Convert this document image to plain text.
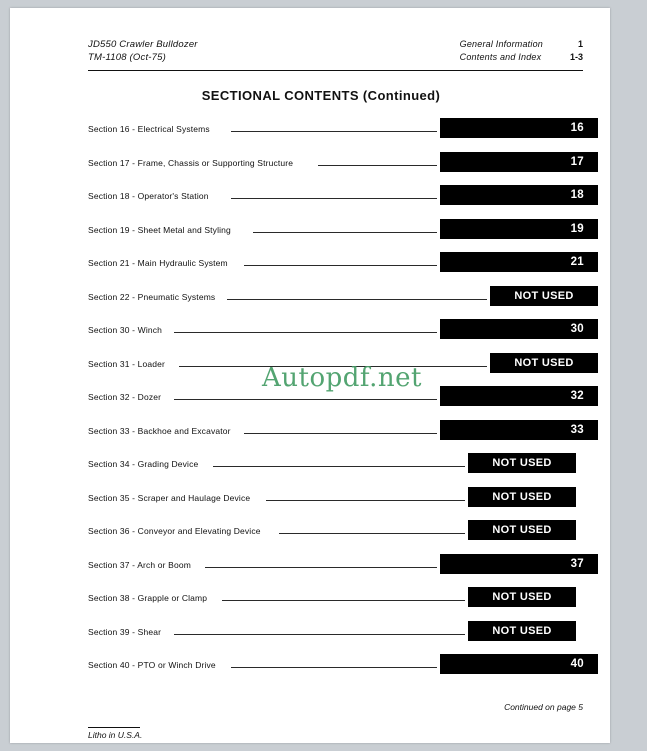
JD550 Crawler Bulldozer
TM-1108 (Oct-75)
General Information
Contents and Index
1
1-3
SECTIONAL CONTENTS (Continued)
Autopdf.net
Section 16 - Electrical Systems	16
Section 17 - Frame, Chassis or Supporting Structure	17
Section 18 - Operator's Station	18
Section 19 - Sheet Metal and Styling	19
Section 21 - Main Hydraulic System	21
Section 22 - Pneumatic Systems	NOT USED
Section 30 - Winch	30
Section 31 - Loader	NOT USED
Section 32 - Dozer	32
Section 33 - Backhoe and Excavator	33
Section 34 - Grading Device	NOT USED
Section 35 - Scraper and Haulage Device	NOT USED
Section 36 - Conveyor and Elevating Device	NOT USED
Section 37 - Arch or Boom	37
Section 38 - Grapple or Clamp	NOT USED
Section 39 - Shear	NOT USED
Section 40 - PTO or Winch Drive	40
Continued on page 5
Litho in U.S.A.
